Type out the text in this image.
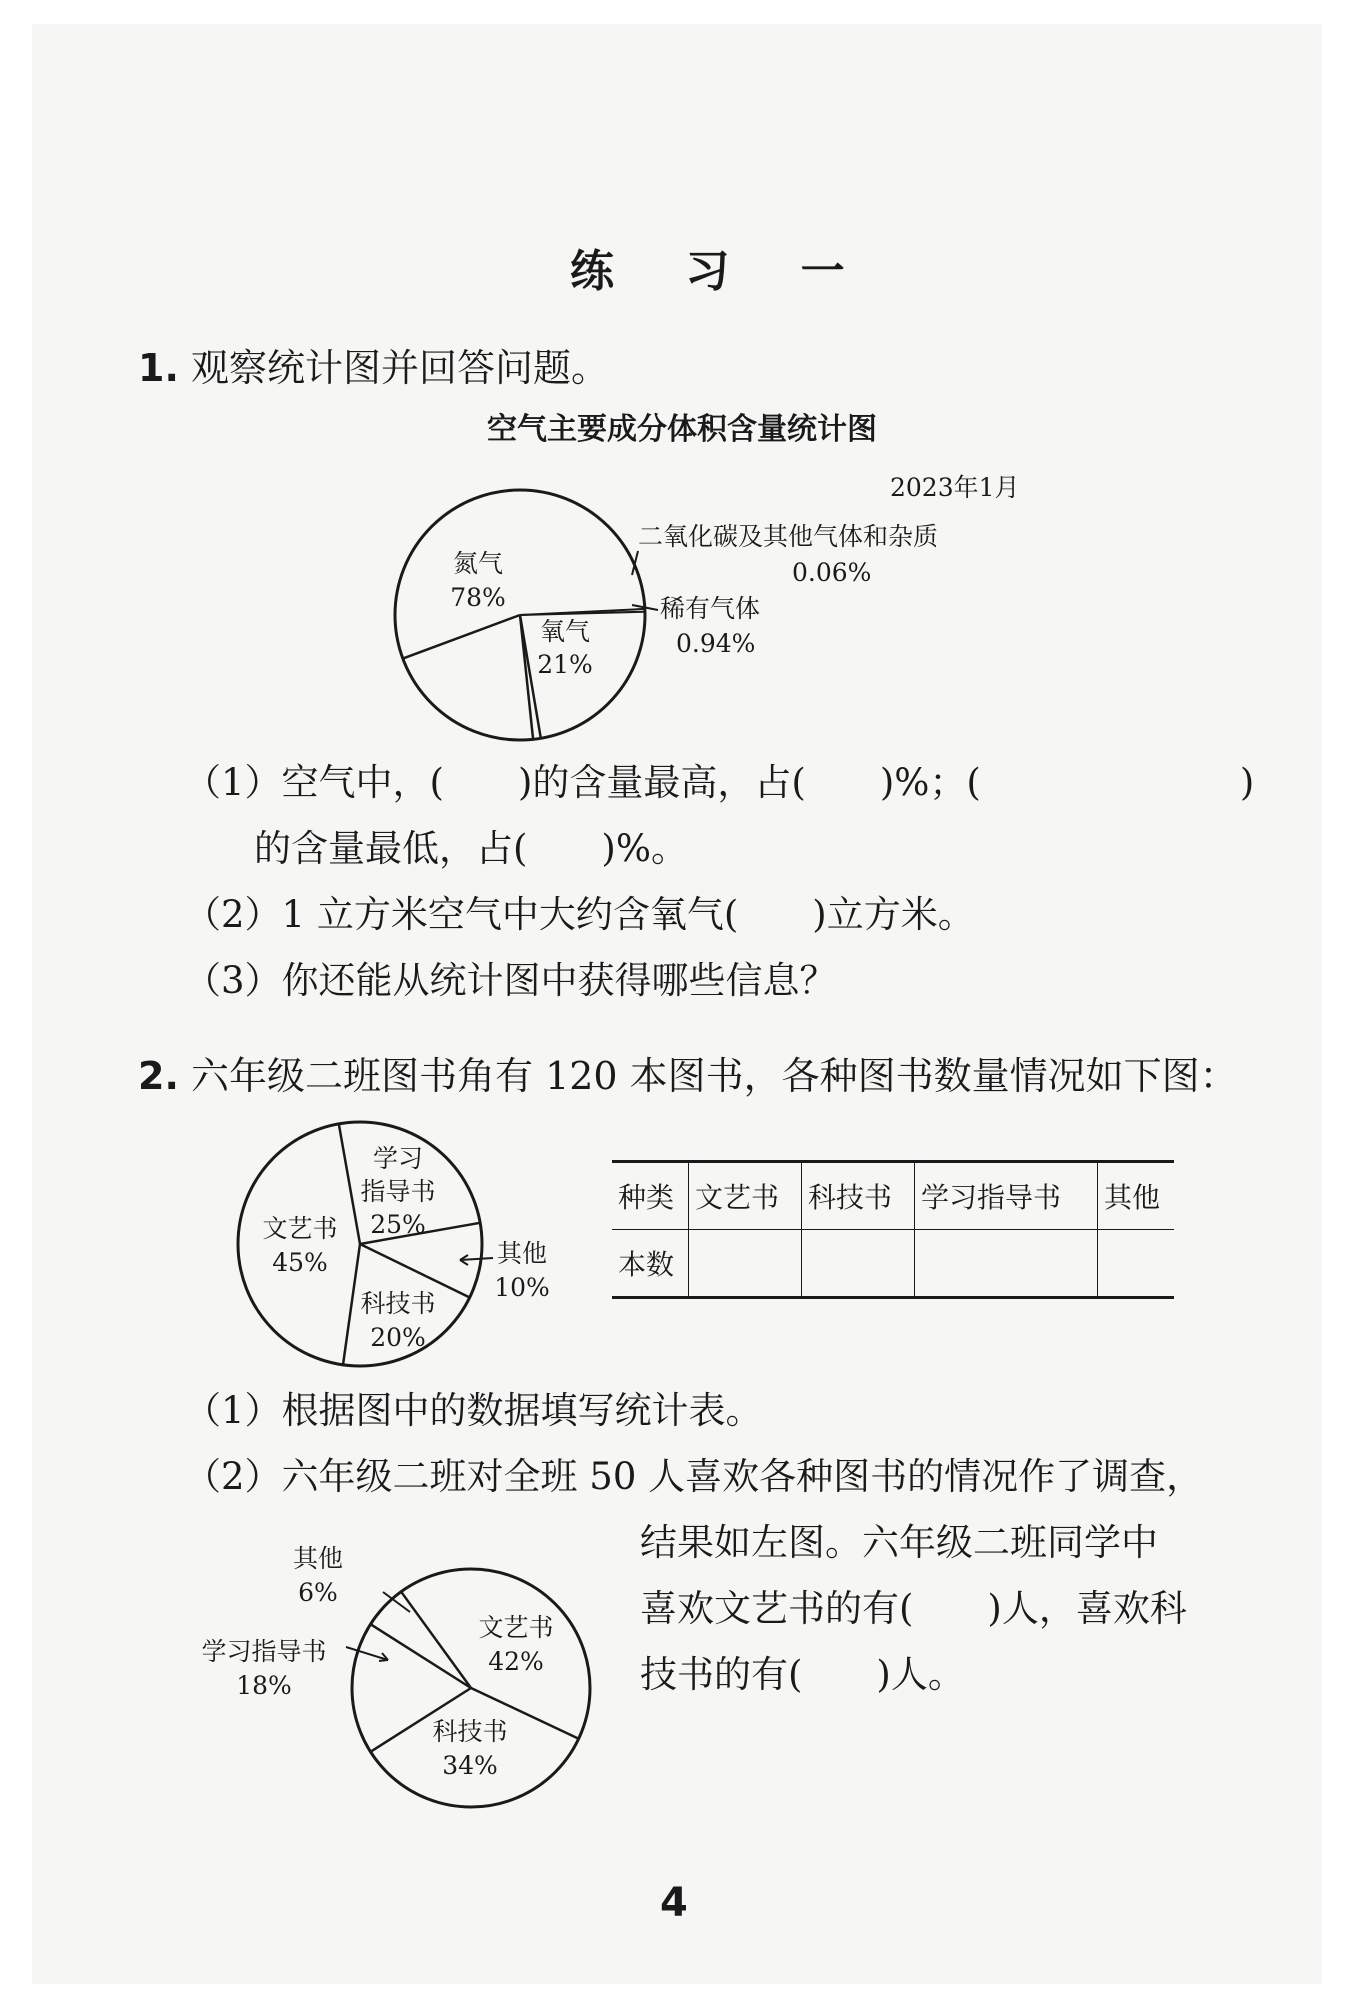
练 习 一
1. 观察统计图并回答问题。
空气主要成分体积含量统计图
2023年1月
氮气
78%
氧气
21%
稀有气体
0.94%
二氧化碳及其他气体和杂质
0.06%
文艺书
45%
学习
指导书
25%
科技书
20%
其他
10%
文艺书
42%
科技书
34%
学习指导书
18%
其他
6%
（1）空气中，(　　)的含量最高，占(　　)%；(　　　　　　　)
的含量最低，占(　　)%。
（2）1 立方米空气中大约含氧气(　　)立方米。
（3）你还能从统计图中获得哪些信息？
2. 六年级二班图书角有 120 本图书，各种图书数量情况如下图：
种类	文艺书	科技书	学习指导书	其他
本数				
（1）根据图中的数据填写统计表。
（2）六年级二班对全班 50 人喜欢各种图书的情况作了调查，
结果如左图。六年级二班同学中
喜欢文艺书的有(　　)人，喜欢科
技书的有(　　)人。
4
